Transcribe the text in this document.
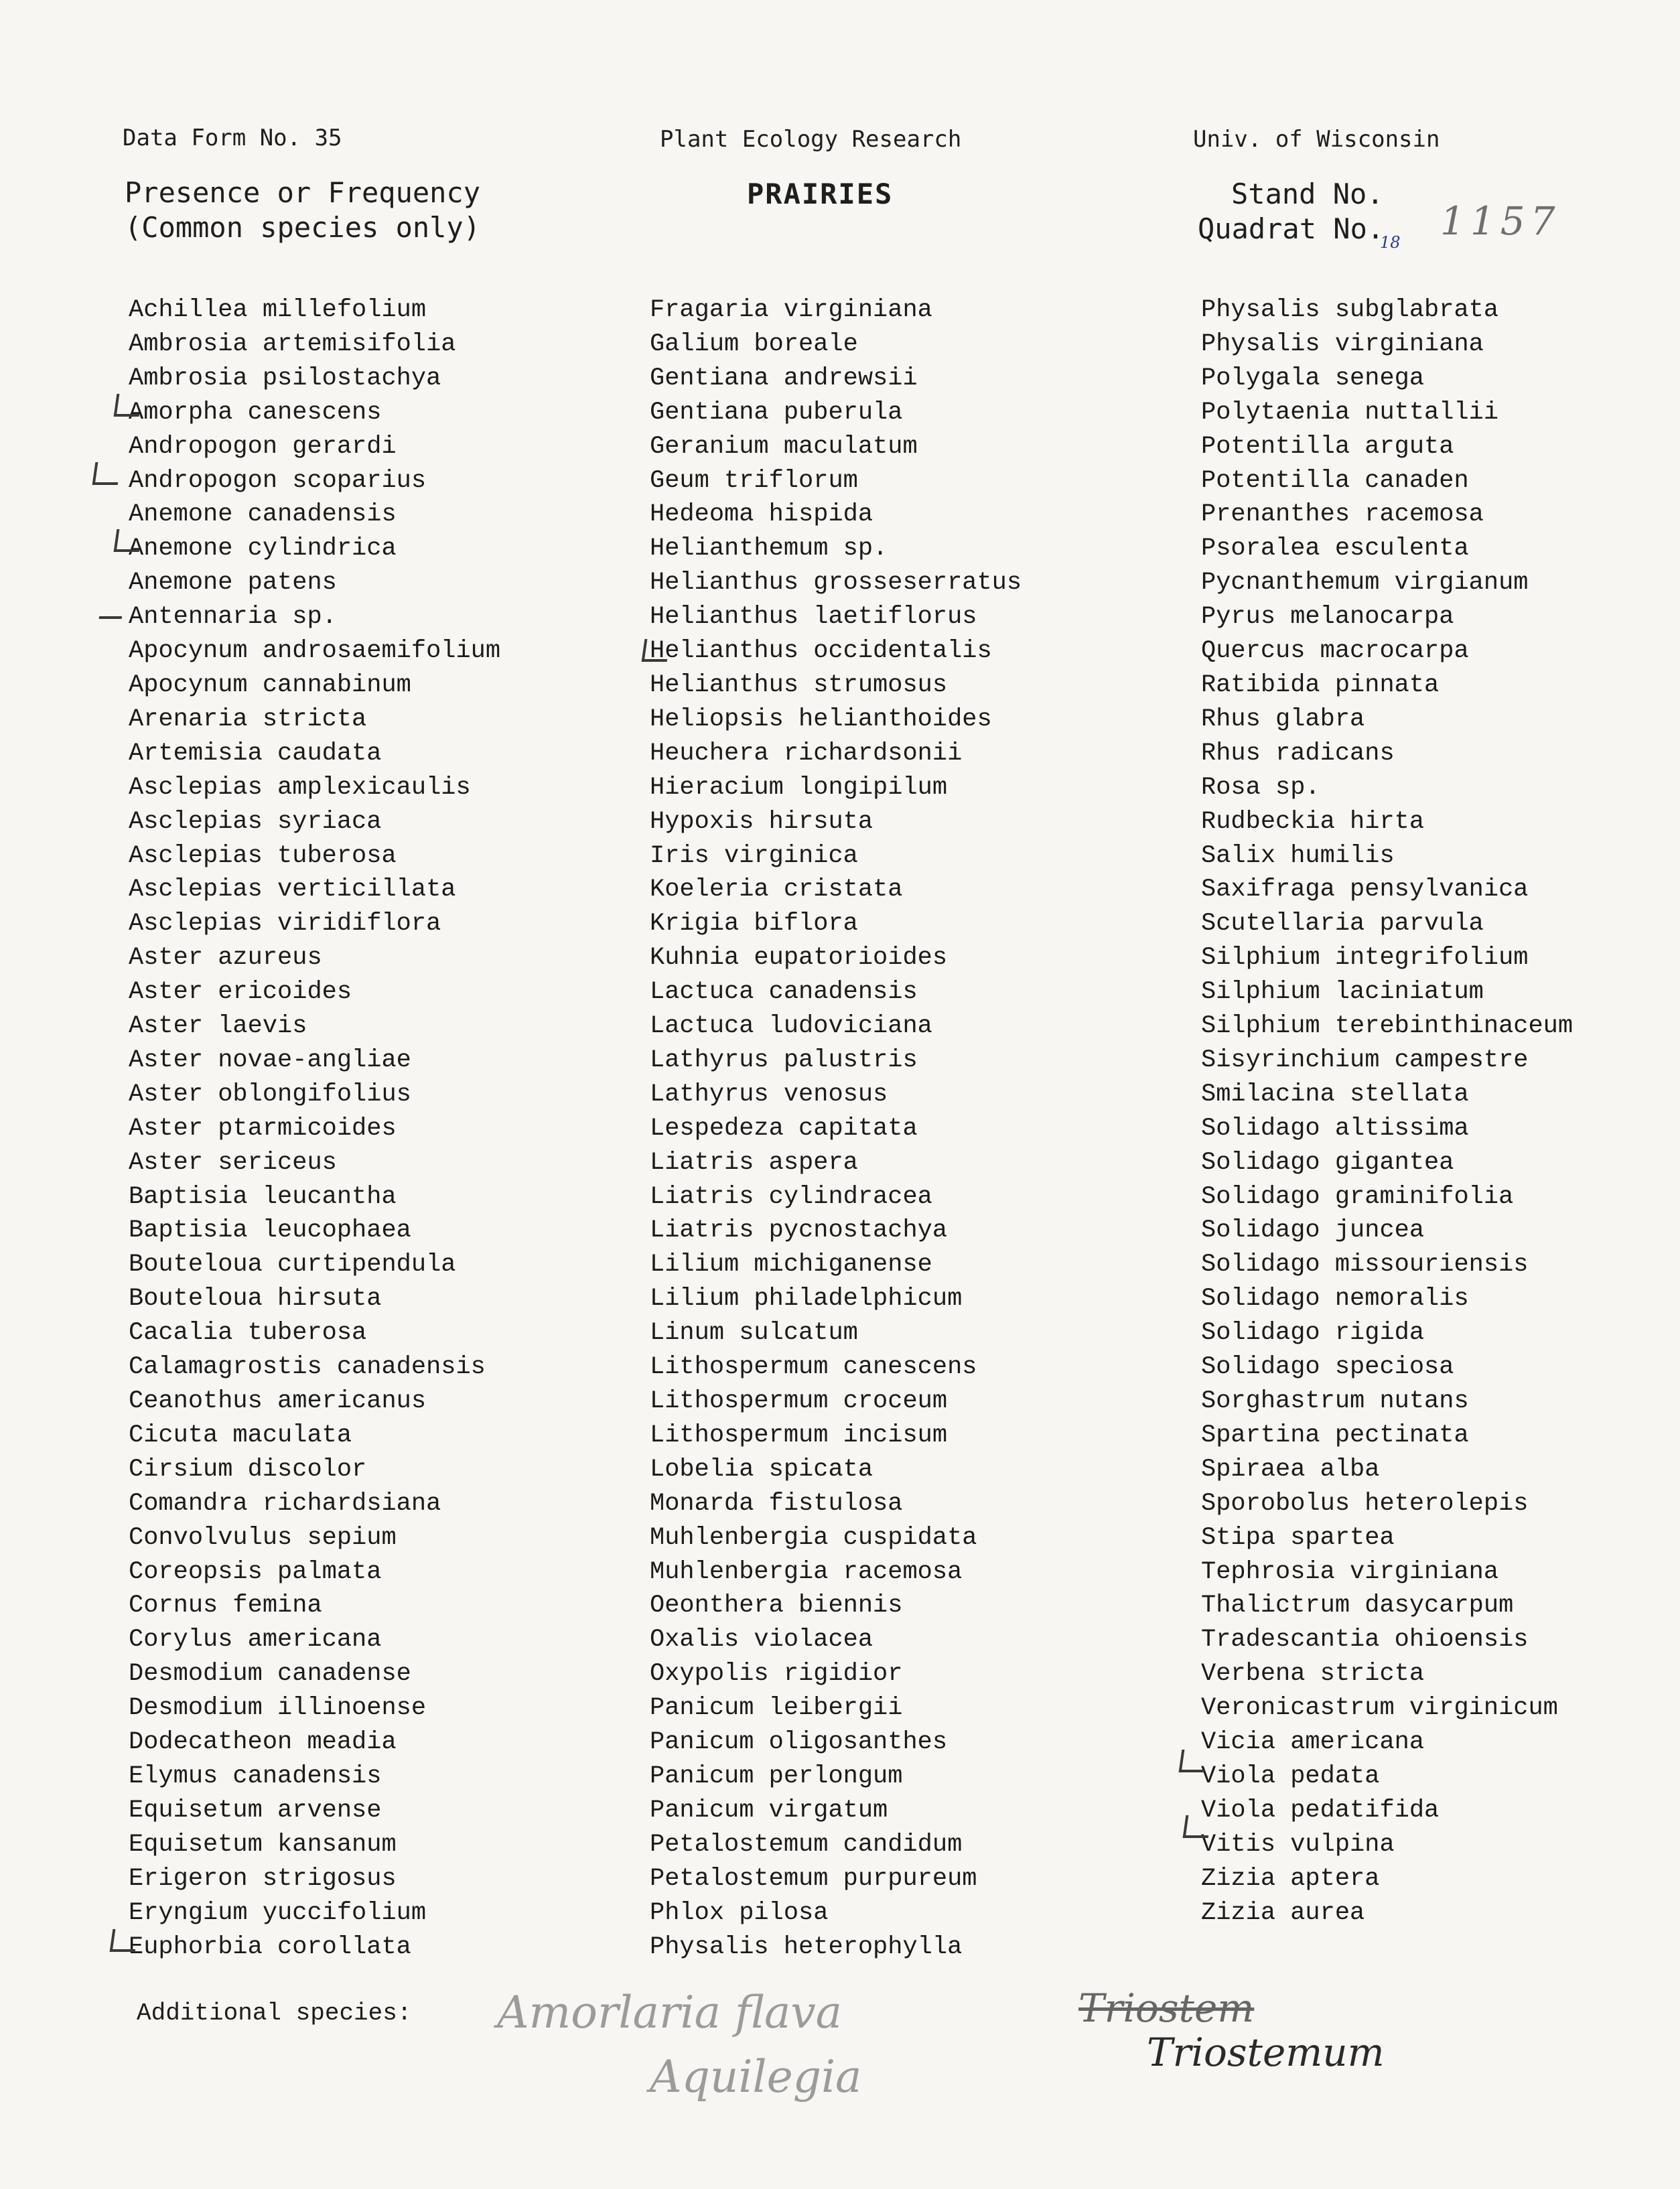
Data Form No. 35	Plant Ecology Research	Univ. of Wisconsin
Presence or Frequency
(Common species only)
PRAIRIES	Stand No.
Quadrat No.
18 1157
Achillea millefolium
Ambrosia artemisifolia
Ambrosia psilostachya
Amorpha canescens
Andropogon gerardi
Andropogon scoparius
Anemone canadensis
Anemone cylindrica
Anemone patens
Antennaria sp.
Apocynum androsaemifolium
Apocynum cannabinum
Arenaria stricta
Artemisia caudata
Asclepias amplexicaulis
Asclepias syriaca
Asclepias tuberosa
Asclepias verticillata
Asclepias viridiflora
Aster azureus
Aster ericoides
Aster laevis
Aster novae-angliae
Aster oblongifolius
Aster ptarmicoides
Aster sericeus
Baptisia leucantha
Baptisia leucophaea
Bouteloua curtipendula
Bouteloua hirsuta
Cacalia tuberosa
Calamagrostis canadensis
Ceanothus americanus
Cicuta maculata
Cirsium discolor
Comandra richardsiana
Convolvulus sepium
Coreopsis palmata
Cornus femina
Corylus americana
Desmodium canadense
Desmodium illinoense
Dodecatheon meadia
Elymus canadensis
Equisetum arvense
Equisetum kansanum
Erigeron strigosus
Eryngium yuccifolium
Euphorbia corollata
Fragaria virginiana
Galium boreale
Gentiana andrewsii
Gentiana puberula
Geranium maculatum
Geum triflorum
Hedeoma hispida
Helianthemum sp.
Helianthus grosseserratus
Helianthus laetiflorus
Helianthus occidentalis
Helianthus strumosus
Heliopsis helianthoides
Heuchera richardsonii
Hieracium longipilum
Hypoxis hirsuta
Iris virginica
Koeleria cristata
Krigia biflora
Kuhnia eupatorioides
Lactuca canadensis
Lactuca ludoviciana
Lathyrus palustris
Lathyrus venosus
Lespedeza capitata
Liatris aspera
Liatris cylindracea
Liatris pycnostachya
Lilium michiganense
Lilium philadelphicum
Linum sulcatum
Lithospermum canescens
Lithospermum croceum
Lithospermum incisum
Lobelia spicata
Monarda fistulosa
Muhlenbergia cuspidata
Muhlenbergia racemosa
Oeonthera biennis
Oxalis violacea
Oxypolis rigidior
Panicum leibergii
Panicum oligosanthes
Panicum perlongum
Panicum virgatum
Petalostemum candidum
Petalostemum purpureum
Phlox pilosa
Physalis heterophylla
Physalis subglabrata
Physalis virginiana
Polygala senega
Polytaenia nuttallii
Potentilla arguta
Potentilla canaden
Prenanthes racemosa
Psoralea esculenta
Pycnanthemum virgianum
Pyrus melanocarpa
Quercus macrocarpa
Ratibida pinnata
Rhus glabra
Rhus radicans
Rosa sp.
Rudbeckia hirta
Salix humilis
Saxifraga pensylvanica
Scutellaria parvula
Silphium integrifolium
Silphium laciniatum
Silphium terebinthinaceum
Sisyrinchium campestre
Smilacina stellata
Solidago altissima
Solidago gigantea
Solidago graminifolia
Solidago juncea
Solidago missouriensis
Solidago nemoralis
Solidago rigida
Solidago speciosa
Sorghastrum nutans
Spartina pectinata
Spiraea alba
Sporobolus heterolepis
Stipa spartea
Tephrosia virginiana
Thalictrum dasycarpum
Tradescantia ohioensis
Verbena stricta
Veronicastrum virginicum
Vicia americana
Viola pedata
Viola pedatifida
Vitis vulpina
Zizia aptera
Zizia aurea
Additional species: Amorlaria flava
Aquilegia
Triostem
Triostemum
